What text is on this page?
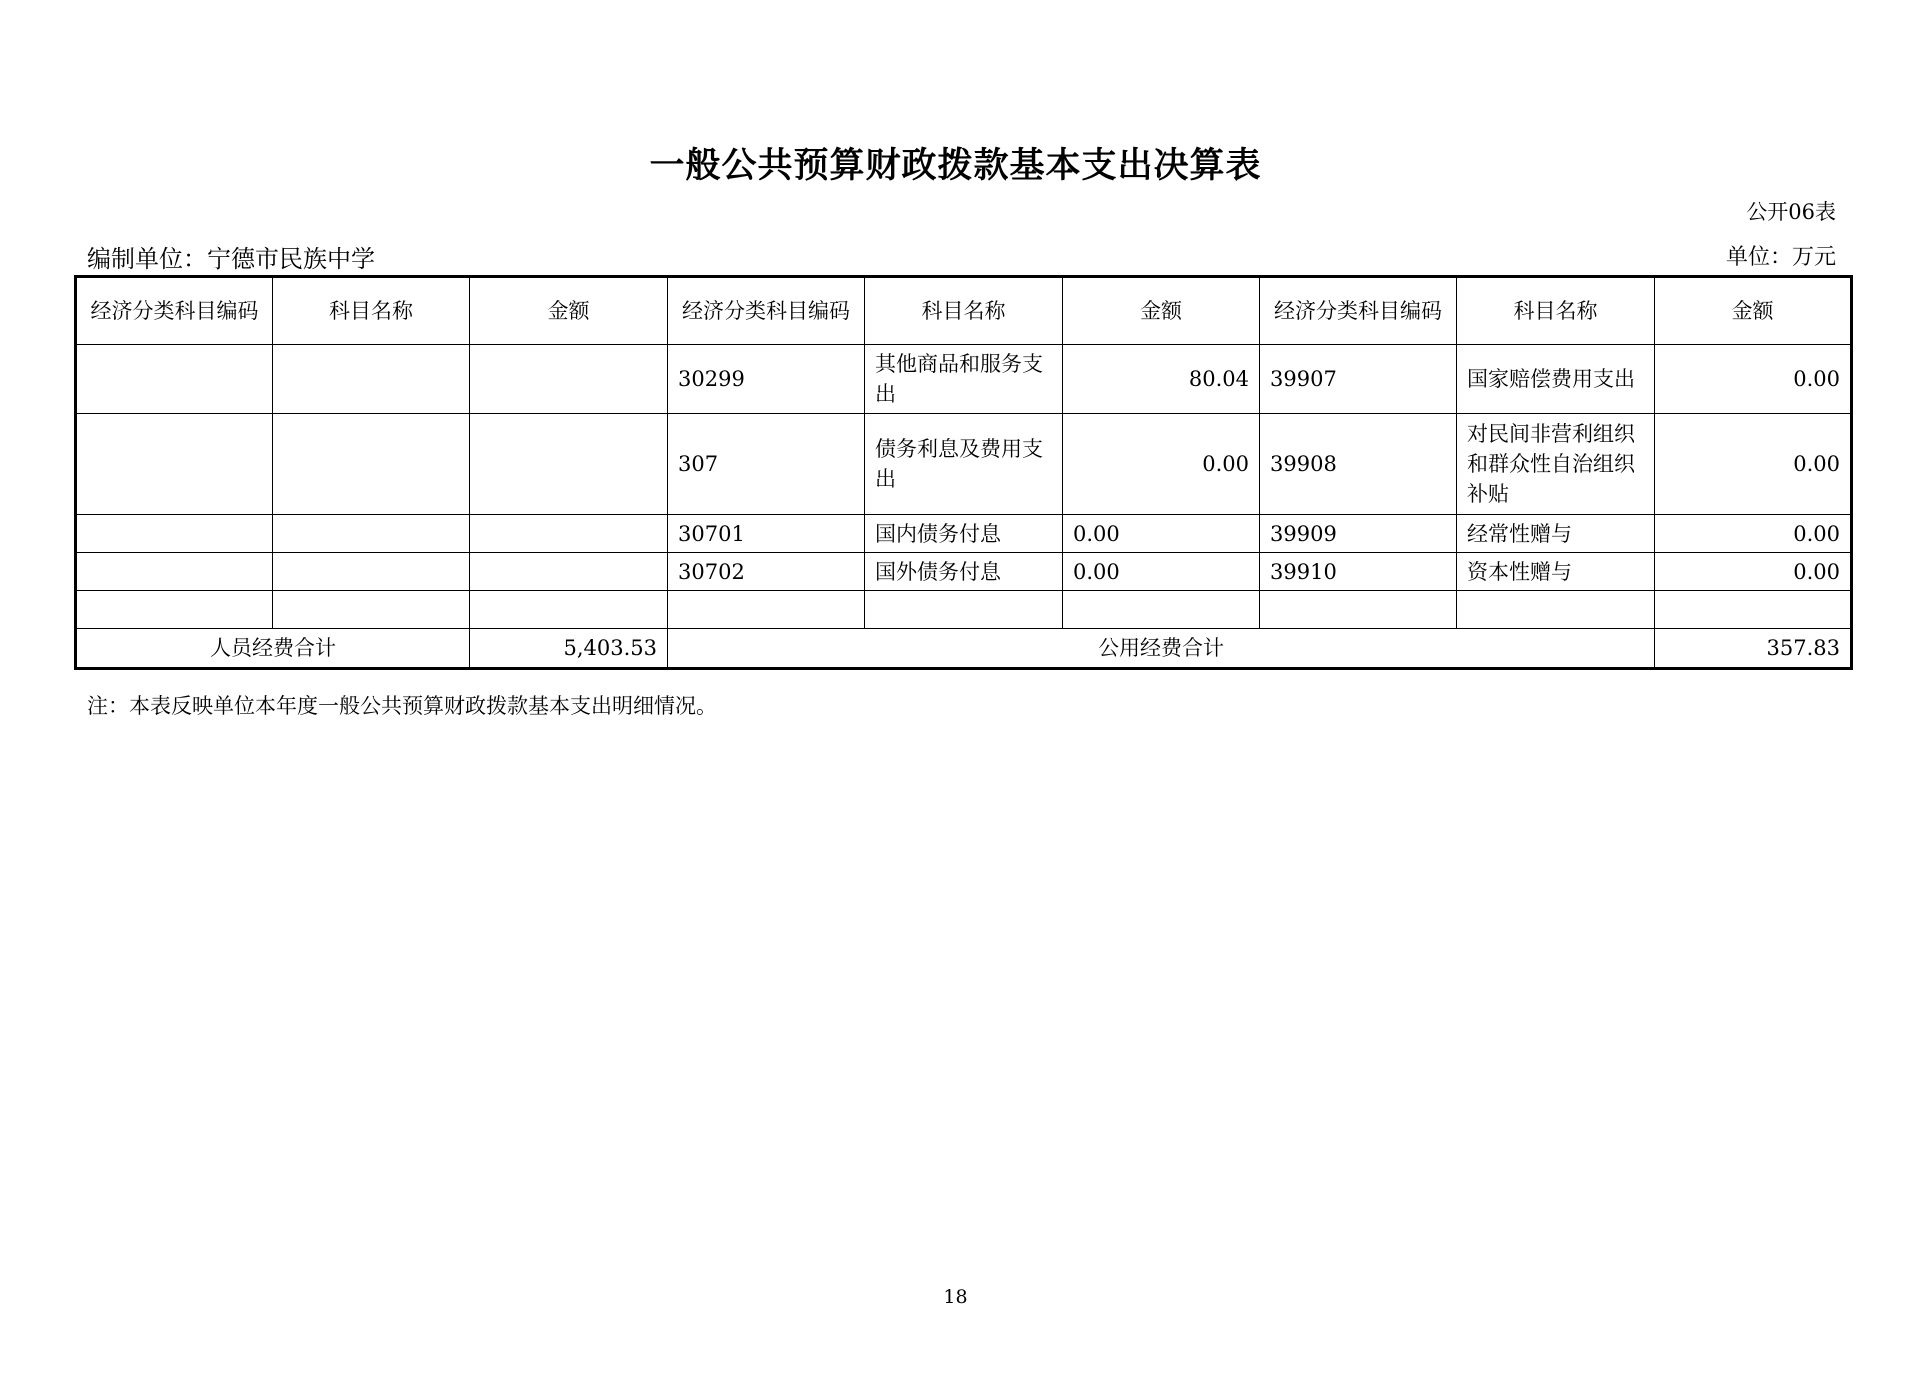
一般公共预算财政拨款基本支出决算表
公开06表
编制单位：宁德市民族中学	单位：万元
经济分类科目编码	科目名称	金额	经济分类科目编码	科目名称	金额	经济分类科目编码	科目名称	金额
			30299	其他商品和服务支出	80.04	39907	国家赔偿费用支出	0.00
			307	债务利息及费用支出	0.00	39908	对民间非营利组织和群众性自治组织补贴	0.00
			30701	国内债务付息	0.00	39909	经常性赠与	0.00
			30702	国外债务付息	0.00	39910	资本性赠与	0.00

人员经费合计		5,403.53	公用经费合计					357.83
注：本表反映单位本年度一般公共预算财政拨款基本支出明细情况。
18
